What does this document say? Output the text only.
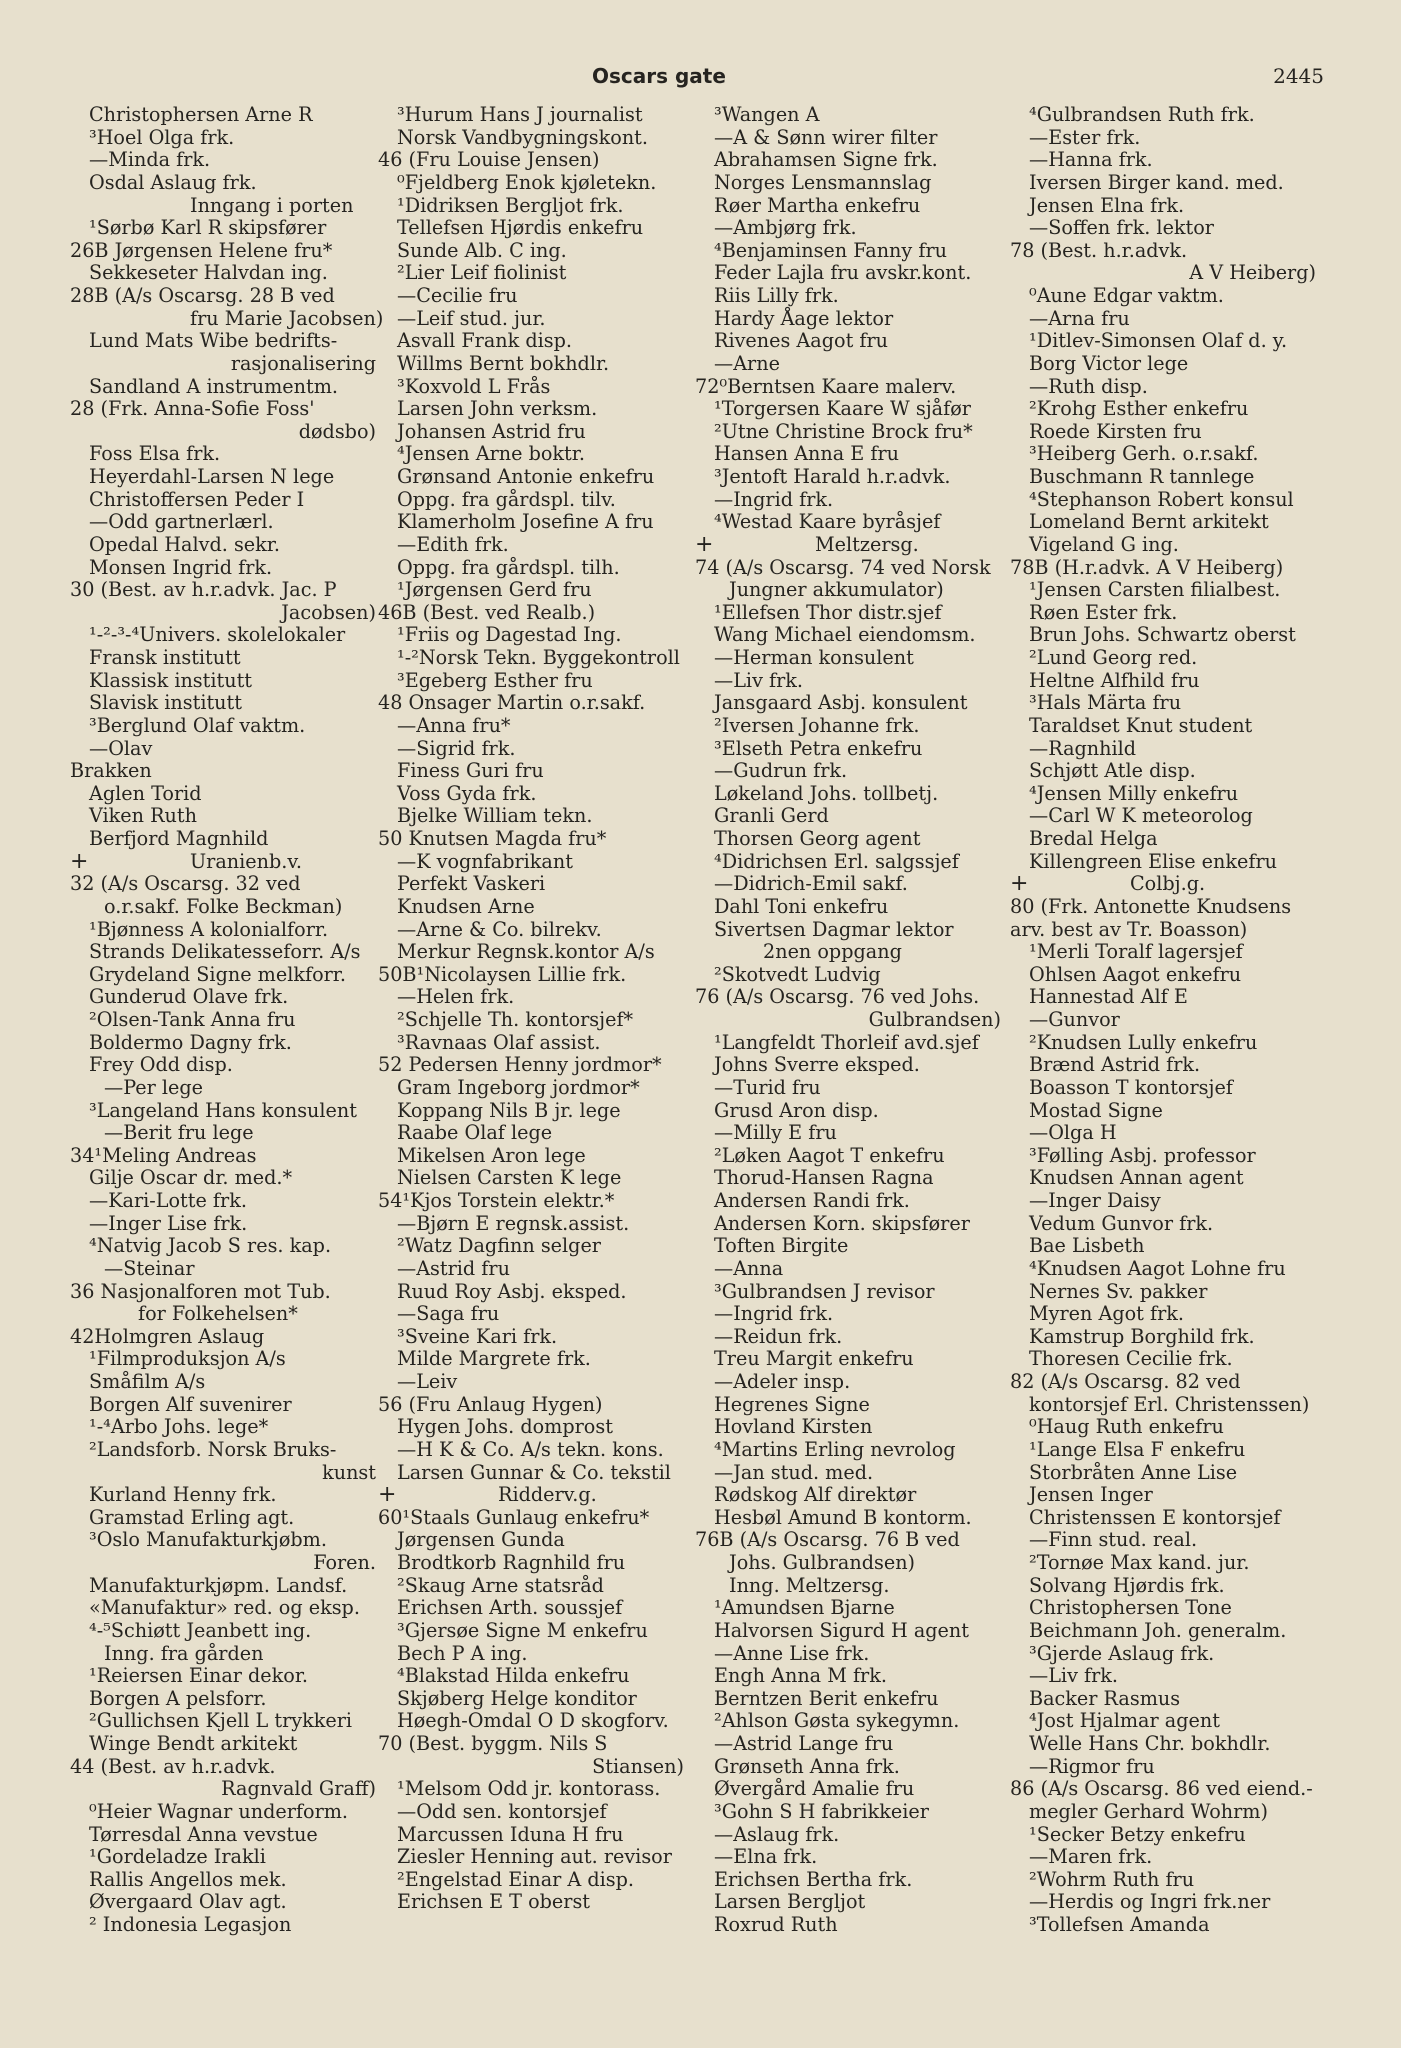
Oscars gate	2445
Christophersen Arne R
³Hoel Olga frk.
—Minda frk.
Osdal Aslaug frk.
Inngang i porten
¹Sørbø Karl R skipsfører
26B Jørgensen Helene fru*
Sekkeseter Halvdan ing.
28B (A/s Oscarsg. 28 B ved
fru Marie Jacobsen)
Lund Mats Wibe bedrifts-
rasjonalisering
Sandland A instrumentm.
28 (Frk. Anna-Sofie Foss'
dødsbo)
Foss Elsa frk.
Heyerdahl-Larsen N lege
Christoffersen Peder I
—Odd gartnerlærl.
Opedal Halvd. sekr.
Monsen Ingrid frk.
30 (Best. av h.r.advk. Jac. P
Jacobsen)
¹-²-³-⁴Univers. skolelokaler
Fransk institutt
Klassisk institutt
Slavisk institutt
³Berglund Olaf vaktm.
—Olav
Brakken
Aglen Torid
Viken Ruth
Berfjord Magnhild
+	Uranienb.v.
32 (A/s Oscarsg. 32 ved
o.r.sakf. Folke Beckman)
¹Bjønness A kolonialforr.
Strands Delikatesseforr. A/s
Grydeland Signe melkforr.
Gunderud Olave frk.
²Olsen-Tank Anna fru
Boldermo Dagny frk.
Frey Odd disp.
—Per lege
³Langeland Hans konsulent
—Berit fru lege
34¹Meling Andreas
Gilje Oscar dr. med.*
—Kari-Lotte frk.
—Inger Lise frk.
⁴Natvig Jacob S res. kap.
—Steinar
36 Nasjonalforen mot Tub.
for Folkehelsen*
42Holmgren Aslaug
¹Filmproduksjon A/s
Småfilm A/s
Borgen Alf suvenirer
¹-⁴Arbo Johs. lege*
²Landsforb. Norsk Bruks-
kunst
Kurland Henny frk.
Gramstad Erling agt.
³Oslo Manufakturkjøbm.
Foren.
Manufakturkjøpm. Landsf.
«Manufaktur» red. og eksp.
⁴-⁵Schiøtt Jeanbett ing.
Inng. fra gården
¹Reiersen Einar dekor.
Borgen A pelsforr.
²Gullichsen Kjell L trykkeri
Winge Bendt arkitekt
44 (Best. av h.r.advk.
Ragnvald Graff)
⁰Heier Wagnar underform.
Tørresdal Anna vevstue
¹Gordeladze Irakli
Rallis Angellos mek.
Øvergaard Olav agt.
² Indonesia Legasjon
³Hurum Hans J journalist
Norsk Vandbygningskont.
46 (Fru Louise Jensen)
⁰Fjeldberg Enok kjøletekn.
¹Didriksen Bergljot frk.
Tellefsen Hjørdis enkefru
Sunde Alb. C ing.
²Lier Leif fiolinist
—Cecilie fru
—Leif stud. jur.
Asvall Frank disp.
Willms Bernt bokhdlr.
³Koxvold L Frås
Larsen John verksm.
Johansen Astrid fru
⁴Jensen Arne boktr.
Grønsand Antonie enkefru
Oppg. fra gårdspl. tilv.
Klamerholm Josefine A fru
—Edith frk.
Oppg. fra gårdspl. tilh.
¹Jørgensen Gerd fru
46B (Best. ved Realb.)
¹Friis og Dagestad Ing.
¹-²Norsk Tekn. Byggekontroll
³Egeberg Esther fru
48 Onsager Martin o.r.sakf.
—Anna fru*
—Sigrid frk.
Finess Guri fru
Voss Gyda frk.
Bjelke William tekn.
50 Knutsen Magda fru*
—K vognfabrikant
Perfekt Vaskeri
Knudsen Arne
—Arne & Co. bilrekv.
Merkur Regnsk.kontor A/s
50B¹Nicolaysen Lillie frk.
—Helen frk.
²Schjelle Th. kontorsjef*
³Ravnaas Olaf assist.
52 Pedersen Henny jordmor*
Gram Ingeborg jordmor*
Koppang Nils B jr. lege
Raabe Olaf lege
Mikelsen Aron lege
Nielsen Carsten K lege
54¹Kjos Torstein elektr.*
—Bjørn E regnsk.assist.
²Watz Dagfinn selger
—Astrid fru
Ruud Roy Asbj. eksped.
—Saga fru
³Sveine Kari frk.
Milde Margrete frk.
—Leiv
56 (Fru Anlaug Hygen)
Hygen Johs. domprost
—H K & Co. A/s tekn. kons.
Larsen Gunnar & Co. tekstil
+	Ridderv.g.
60¹Staals Gunlaug enkefru*
Jørgensen Gunda
Brodtkorb Ragnhild fru
²Skaug Arne statsråd
Erichsen Arth. soussjef
³Gjersøe Signe M enkefru
Bech P A ing.
⁴Blakstad Hilda enkefru
Skjøberg Helge konditor
Høegh-Omdal O D skogforv.
70 (Best. byggm. Nils S
Stiansen)
¹Melsom Odd jr. kontorass.
—Odd sen. kontorsjef
Marcussen Iduna H fru
Ziesler Henning aut. revisor
²Engelstad Einar A disp.
Erichsen E T oberst
³Wangen A
—A & Sønn wirer filter
Abrahamsen Signe frk.
Norges Lensmannslag
Røer Martha enkefru
—Ambjørg frk.
⁴Benjaminsen Fanny fru
Feder Lajla fru avskr.kont.
Riis Lilly frk.
Hardy Åage lektor
Rivenes Aagot fru
—Arne
72⁰Berntsen Kaare malerv.
¹Torgersen Kaare W sjåfør
²Utne Christine Brock fru*
Hansen Anna E fru
³Jentoft Harald h.r.advk.
—Ingrid frk.
⁴Westad Kaare byråsjef
+	Meltzersg.
74 (A/s Oscarsg. 74 ved Norsk
Jungner akkumulator)
¹Ellefsen Thor distr.sjef
Wang Michael eiendomsm.
—Herman konsulent
—Liv frk.
Jansgaard Asbj. konsulent
²Iversen Johanne frk.
³Elseth Petra enkefru
—Gudrun frk.
Løkeland Johs. tollbetj.
Granli Gerd
Thorsen Georg agent
⁴Didrichsen Erl. salgssjef
—Didrich-Emil sakf.
Dahl Toni enkefru
Sivertsen Dagmar lektor
2nen oppgang
²Skotvedt Ludvig
76 (A/s Oscarsg. 76 ved Johs.
Gulbrandsen)
¹Langfeldt Thorleif avd.sjef
Johns Sverre eksped.
—Turid fru
Grusd Aron disp.
—Milly E fru
²Løken Aagot T enkefru
Thorud-Hansen Ragna
Andersen Randi frk.
Andersen Korn. skipsfører
Toften Birgite
—Anna
³Gulbrandsen J revisor
—Ingrid frk.
—Reidun frk.
Treu Margit enkefru
—Adeler insp.
Hegrenes Signe
Hovland Kirsten
⁴Martins Erling nevrolog
—Jan stud. med.
Rødskog Alf direktør
Hesbøl Amund B kontorm.
76B (A/s Oscarsg. 76 B ved
Johs. Gulbrandsen)
Inng. Meltzersg.
¹Amundsen Bjarne
Halvorsen Sigurd H agent
—Anne Lise frk.
Engh Anna M frk.
Berntzen Berit enkefru
²Ahlson Gøsta sykegymn.
—Astrid Lange fru
Grønseth Anna frk.
Øvergård Amalie fru
³Gohn S H fabrikkeier
—Aslaug frk.
—Elna frk.
Erichsen Bertha frk.
Larsen Bergljot
Roxrud Ruth
⁴Gulbrandsen Ruth frk.
—Ester frk.
—Hanna frk.
Iversen Birger kand. med.
Jensen Elna frk.
—Soffen frk. lektor
78 (Best. h.r.advk.
A V Heiberg)
⁰Aune Edgar vaktm.
—Arna fru
¹Ditlev-Simonsen Olaf d. y.
Borg Victor lege
—Ruth disp.
²Krohg Esther enkefru
Roede Kirsten fru
³Heiberg Gerh. o.r.sakf.
Buschmann R tannlege
⁴Stephanson Robert konsul
Lomeland Bernt arkitekt
Vigeland G ing.
78B (H.r.advk. A V Heiberg)
¹Jensen Carsten filialbest.
Røen Ester frk.
Brun Johs. Schwartz oberst
²Lund Georg red.
Heltne Alfhild fru
³Hals Märta fru
Taraldset Knut student
—Ragnhild
Schjøtt Atle disp.
⁴Jensen Milly enkefru
—Carl W K meteorolog
Bredal Helga
Killengreen Elise enkefru
+	Colbj.g.
80 (Frk. Antonette Knudsens
arv. best av Tr. Boasson)
¹Merli Toralf lagersjef
Ohlsen Aagot enkefru
Hannestad Alf E
—Gunvor
²Knudsen Lully enkefru
Brænd Astrid frk.
Boasson T kontorsjef
Mostad Signe
—Olga H
³Følling Asbj. professor
Knudsen Annan agent
—Inger Daisy
Vedum Gunvor frk.
Bae Lisbeth
⁴Knudsen Aagot Lohne fru
Nernes Sv. pakker
Myren Agot frk.
Kamstrup Borghild frk.
Thoresen Cecilie frk.
82 (A/s Oscarsg. 82 ved
kontorsjef Erl. Christenssen)
⁰Haug Ruth enkefru
¹Lange Elsa F enkefru
Storbråten Anne Lise
Jensen Inger
Christenssen E kontorsjef
—Finn stud. real.
²Tornøe Max kand. jur.
Solvang Hjørdis frk.
Christophersen Tone
Beichmann Joh. generalm.
³Gjerde Aslaug frk.
—Liv frk.
Backer Rasmus
⁴Jost Hjalmar agent
Welle Hans Chr. bokhdlr.
—Rigmor fru
86 (A/s Oscarsg. 86 ved eiend.-
megler Gerhard Wohrm)
¹Secker Betzy enkefru
—Maren frk.
²Wohrm Ruth fru
—Herdis og Ingri frk.ner
³Tollefsen Amanda
